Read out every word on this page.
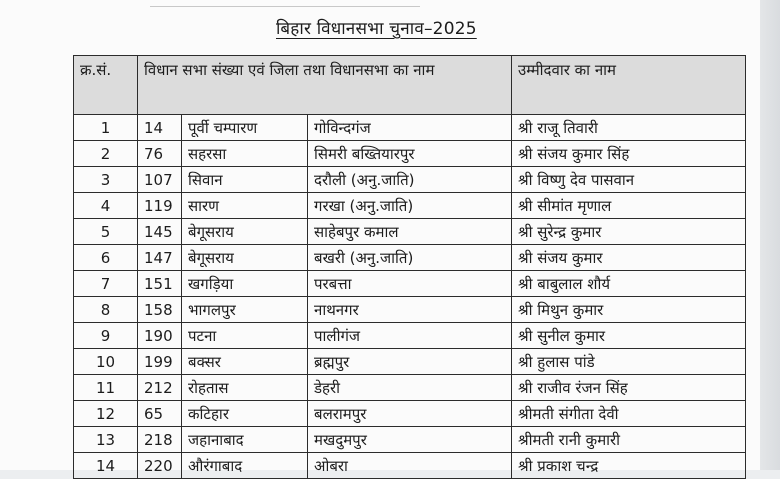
बिहार विधानसभा चुनाव–2025
क्र.सं.	विधान सभा संख्या एवं जिला तथा विधानसभा का नाम			उम्मीदवार का नाम
1	14	पूर्वी चम्पारण	गोविन्दगंज	श्री राजू तिवारी
2	76	सहरसा	सिमरी बख्तियारपुर	श्री संजय कुमार सिंह
3	107	सिवान	दरौली (अनु.जाति)	श्री विष्णु देव पासवान
4	119	सारण	गरखा (अनु.जाति)	श्री सीमांत मृणाल
5	145	बेगूसराय	साहेबपुर कमाल	श्री सुरेन्द्र कुमार
6	147	बेगूसराय	बखरी (अनु.जाति)	श्री संजय कुमार
7	151	खगड़िया	परबत्ता	श्री बाबुलाल शौर्य
8	158	भागलपुर	नाथनगर	श्री मिथुन कुमार
9	190	पटना	पालीगंज	श्री सुनील कुमार
10	199	बक्सर	ब्रह्मपुर	श्री हुलास पांडे
11	212	रोहतास	डेहरी	श्री राजीव रंजन सिंह
12	65	कटिहार	बलरामपुर	श्रीमती संगीता देवी
13	218	जहानाबाद	मखदुमपुर	श्रीमती रानी कुमारी
14	220	औरंगाबाद	ओबरा	श्री प्रकाश चन्द्र
